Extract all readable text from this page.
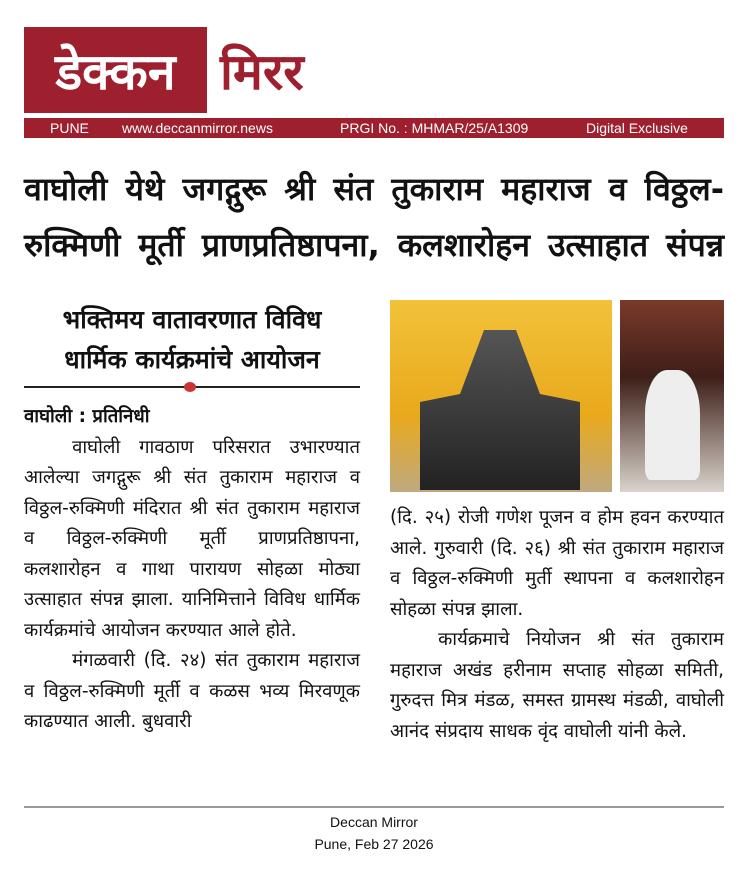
डेक्कन मिरर
PUNE www.deccanmirror.news	PRGI No. : MHMAR/25/A1309	Digital Exclusive
वाघोली येथे जगद्गुरू श्री संत तुकाराम महाराज व विठ्ठल-
रुक्मिणी मूर्ती प्राणप्रतिष्ठापना, कलशारोहन उत्साहात संपन्न
भक्तिमय वातावरणात विविध
धार्मिक कार्यक्रमांचे आयोजन

वाघोली : प्रतिनिधी

वाघोली गावठाण परिसरात उभारण्यात आलेल्या जगद्गुरू श्री संत तुकाराम महाराज व विठ्ठल-रुक्मिणी मंदिरात श्री संत तुकाराम महाराज व विठ्ठल-रुक्मिणी मूर्ती प्राणप्रतिष्ठापना, कलशारोहन व गाथा पारायण सोहळा मोठ्या उत्साहात संपन्न झाला. यानिमित्ताने विविध धार्मिक कार्यक्रमांचे आयोजन करण्यात आले होते.

मंगळवारी (दि. २४) संत तुकाराम महाराज व विठ्ठल-रुक्मिणी मूर्ती व कळस भव्य मिरवणूक काढण्यात आली. बुधवारी

(दि. २५) रोजी गणेश पूजन व होम हवन करण्यात आले. गुरुवारी (दि. २६) श्री संत तुकाराम महाराज व विठ्ठल-रुक्मिणी मुर्ती स्थापना व कलशारोहन सोहळा संपन्न झाला.

कार्यक्रमाचे नियोजन श्री संत तुकाराम महाराज अखंड हरीनाम सप्ताह सोहळा समिती, गुरुदत्त मित्र मंडळ, समस्त ग्रामस्थ मंडळी, वाघोली आनंद संप्रदाय साधक वृंद वाघोली यांनी केले.

Deccan Mirror
Pune, Feb 27 2026
